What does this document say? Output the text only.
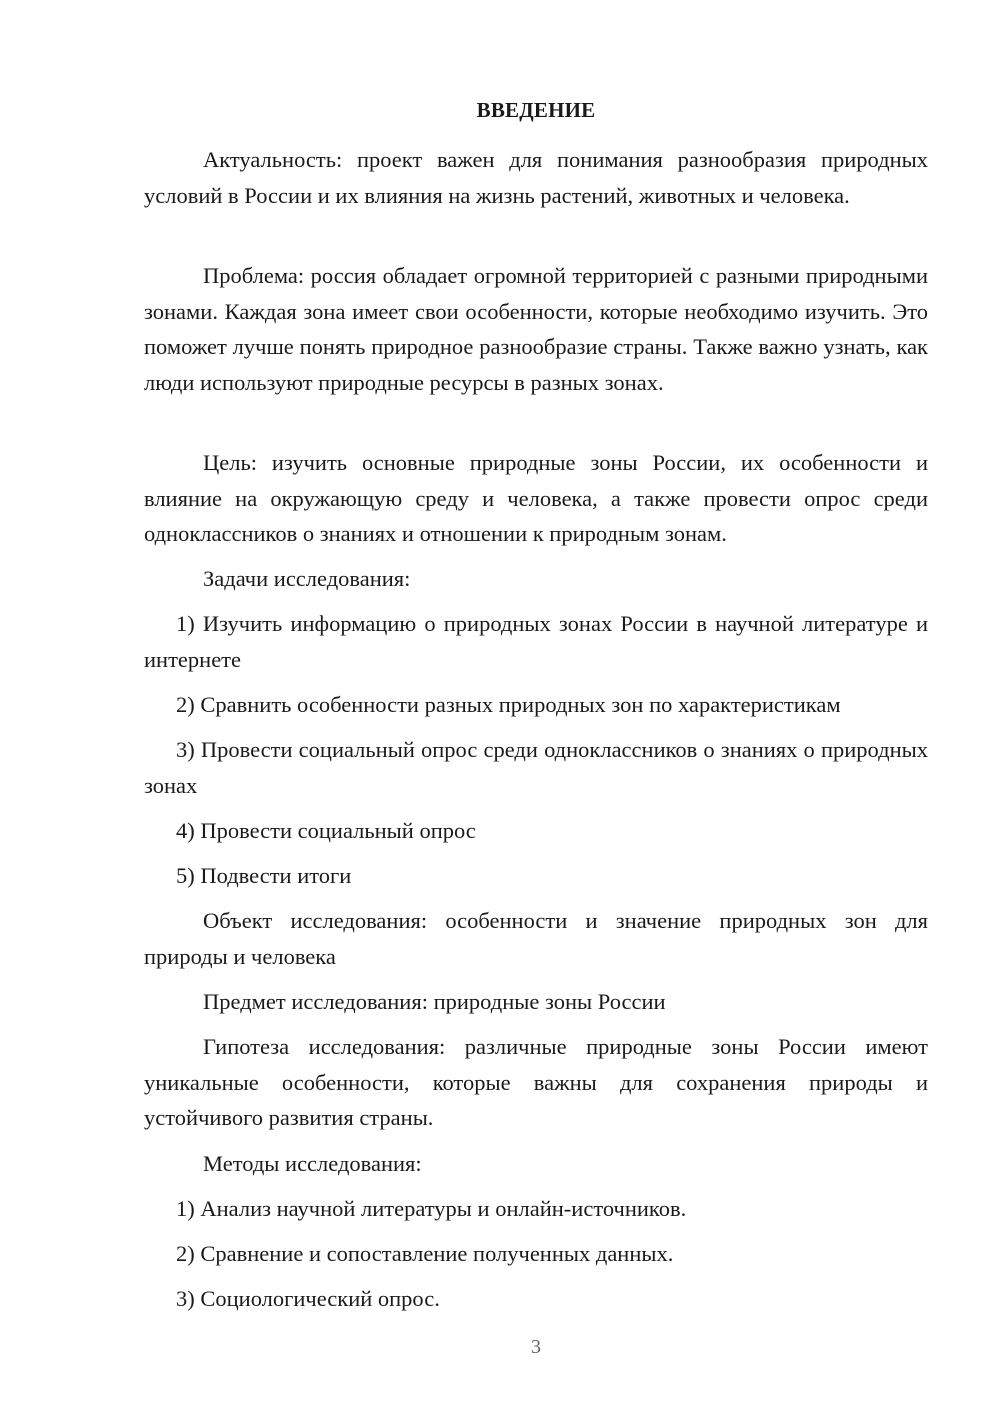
ВВЕДЕНИЕ
Актуальность: проект важен для понимания разнообразия природных условий в России и их влияния на жизнь растений, животных и человека.
Проблема: россия обладает огромной территорией с разными природными зонами. Каждая зона имеет свои особенности, которые необходимо изучить. Это поможет лучше понять природное разнообразие страны. Также важно узнать, как люди используют природные ресурсы в разных зонах.
Цель: изучить основные природные зоны России, их особенности и влияние на окружающую среду и человека, а также провести опрос среди одноклассников о знаниях и отношении к природным зонам.
Задачи исследования:
1) Изучить информацию о природных зонах России в научной литературе и интернете
2) Сравнить особенности разных природных зон по характеристикам
3) Провести социальный опрос среди одноклассников о знаниях о природных зонах
4) Провести социальный опрос
5) Подвести итоги
Объект исследования: особенности и значение природных зон для природы и человека
Предмет исследования: природные зоны России
Гипотеза исследования: различные природные зоны России имеют уникальные особенности, которые важны для сохранения природы и устойчивого развития страны.
Методы исследования:
1) Анализ научной литературы и онлайн-источников.
2) Сравнение и сопоставление полученных данных.
3) Социологический опрос.
3
